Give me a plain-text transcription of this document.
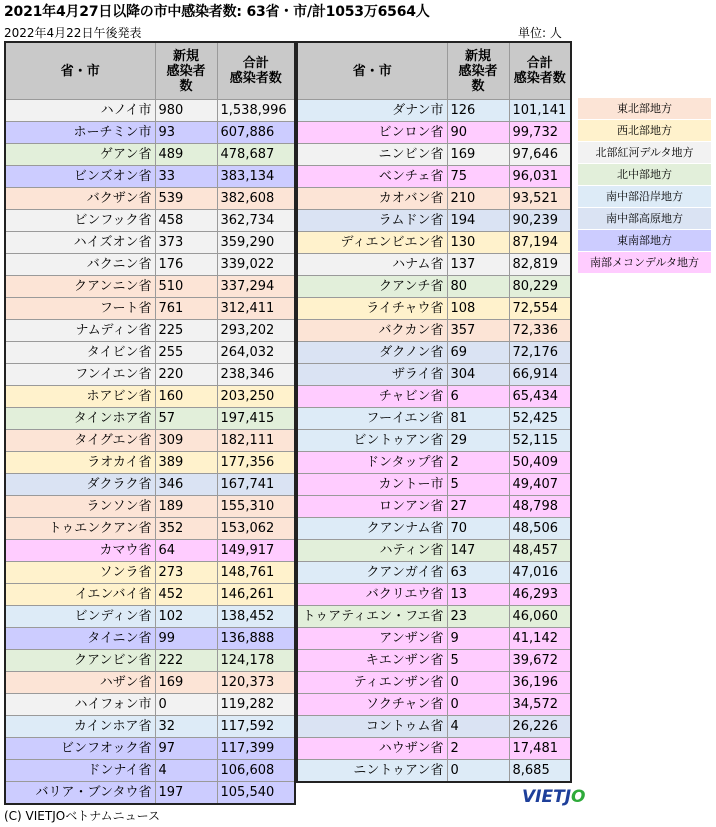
2021年4月27日以降の市中感染者数: 63省・市/計1053万6564人
2022年4月22日午後発表	単位: 人
省・市	新規
感染者
数	合計
感染者数
ハノイ市	980	1,538,996
ホーチミン市	93	607,886
ゲアン省	489	478,687
ビンズオン省	33	383,134
バクザン省	539	382,608
ビンフック省	458	362,734
ハイズオン省	373	359,290
バクニン省	176	339,022
クアンニン省	510	337,294
フート省	761	312,411
ナムディン省	225	293,202
タイビン省	255	264,032
フンイエン省	220	238,346
ホアビン省	160	203,250
タインホア省	57	197,415
タイグエン省	309	182,111
ラオカイ省	389	177,356
ダクラク省	346	167,741
ランソン省	189	155,310
トゥエンクアン省	352	153,062
カマウ省	64	149,917
ソンラ省	273	148,761
イエンバイ省	452	146,261
ビンディン省	102	138,452
タイニン省	99	136,888
クアンビン省	222	124,178
ハザン省	169	120,373
ハイフォン市	0	119,282
カインホア省	32	117,592
ビンフオック省	97	117,399
ドンナイ省	4	106,608
バリア・ブンタウ省	197	105,540
省・市	新規
感染者
数	合計
感染者数
ダナン市	126	101,141
ビンロン省	90	99,732
ニンビン省	169	97,646
ベンチェ省	75	96,031
カオバン省	210	93,521
ラムドン省	194	90,239
ディエンビエン省	130	87,194
ハナム省	137	82,819
クアンチ省	80	80,229
ライチャウ省	108	72,554
バクカン省	357	72,336
ダクノン省	69	72,176
ザライ省	304	66,914
チャビン省	6	65,434
フーイエン省	81	52,425
ビントゥアン省	29	52,115
ドンタップ省	2	50,409
カントー市	5	49,407
ロンアン省	27	48,798
クアンナム省	70	48,506
ハティン省	147	48,457
クアンガイ省	63	47,016
バクリエウ省	13	46,293
トゥアティエン・フエ省	23	46,060
アンザン省	9	41,142
キエンザン省	5	39,672
ティエンザン省	0	36,196
ソクチャン省	0	34,572
コントゥム省	4	26,226
ハウザン省	2	17,481
ニントゥアン省	0	8,685
東北部地方
西北部地方
北部紅河デルタ地方
北中部地方
南中部沿岸地方
南中部高原地方
東南部地方
南部メコンデルタ地方
VIETJO
(C) VIETJOベトナムニュース
